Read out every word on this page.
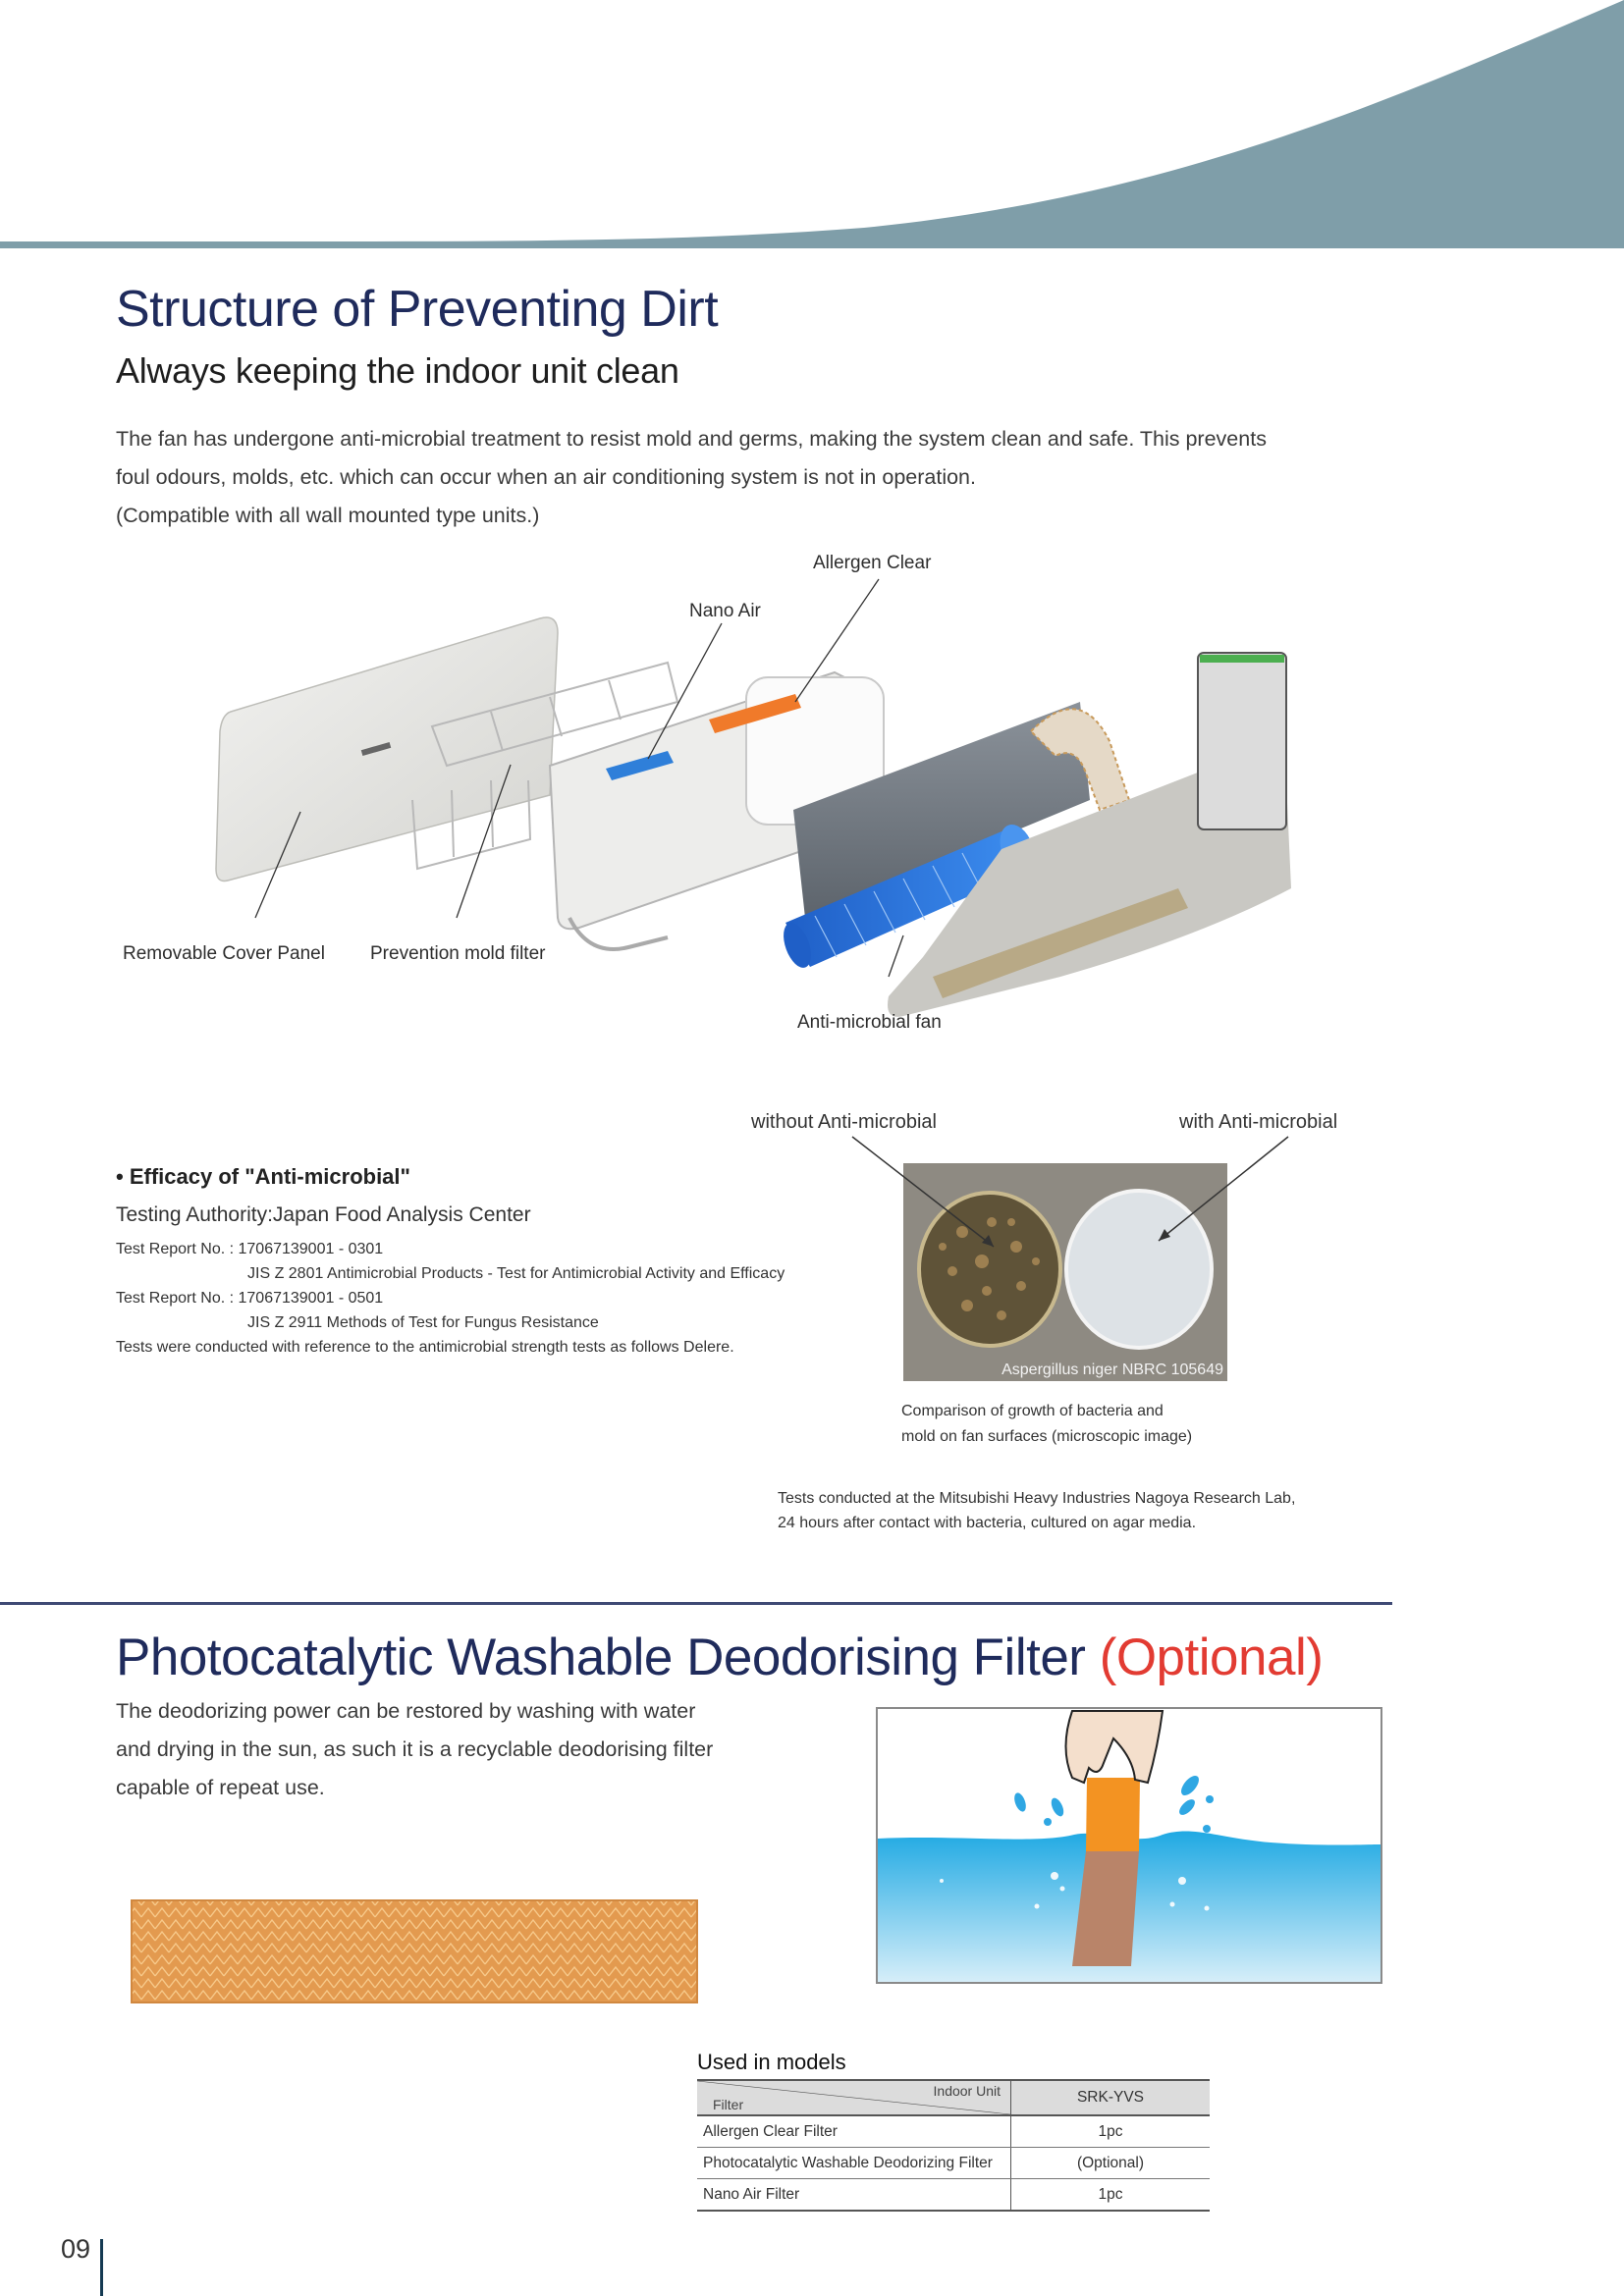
Structure of Preventing Dirt
Always keeping the indoor unit clean

The fan has undergone anti-microbial treatment to resist mold and germs, making the system clean and safe. This prevents

foul odours, molds, etc. which can occur when an air conditioning system is not in operation.

(Compatible with all wall mounted type units.)

Allergen Clear
Nano Air
Removable Cover Panel Prevention mold filter
Anti-microbial fan
• Efficacy of "Anti-microbial"
Testing Authority:Japan Food Analysis Center
Test Report No. : 17067139001 - 0301
JIS Z 2801 Antimicrobial Products - Test for Antimicrobial Activity and Efficacy
Test Report No. : 17067139001 - 0501
JIS Z 2911 Methods of Test for Fungus Resistance
Tests were conducted with reference to the antimicrobial strength tests as follows Delere.
without Anti-microbial	with Anti-microbial
Aspergillus niger NBRC 105649
Comparison of growth of bacteria and
mold on fan surfaces (microscopic image)
Tests conducted at the Mitsubishi Heavy Industries Nagoya Research Lab,
24 hours after contact with bacteria, cultured on agar media.
Photocatalytic Washable Deodorising Filter (Optional)

The deodorizing power can be restored by washing with water

and drying in the sun, as such it is a recyclable deodorising filter

capable of repeat use.

Used in models
Indoor Unit
Filter	SRK-YVS
Allergen Clear Filter	1pc
Photocatalytic Washable Deodorizing Filter	(Optional)
Nano Air Filter	1pc
09
